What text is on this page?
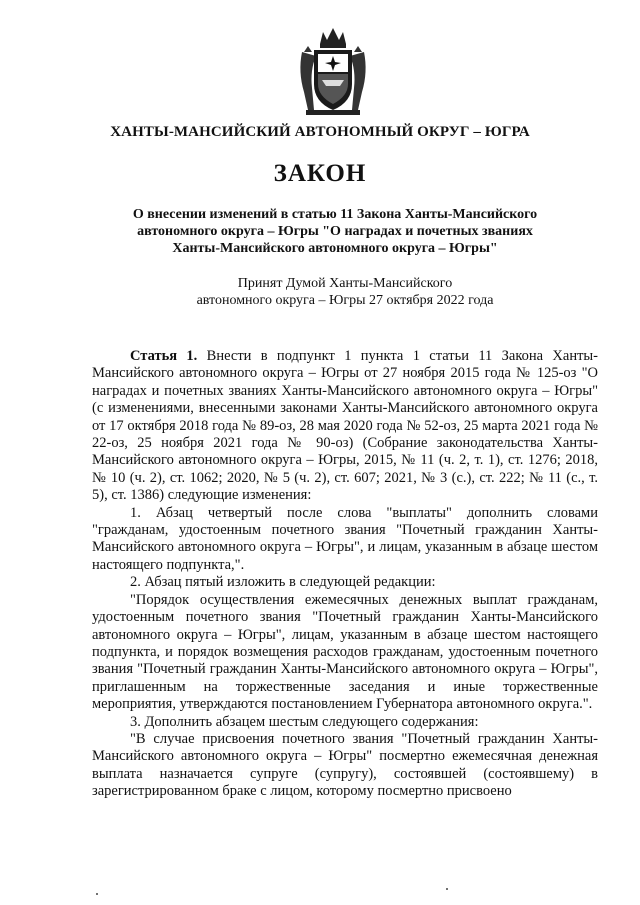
ХАНТЫ-МАНСИЙСКИЙ АВТОНОМНЫЙ ОКРУГ – ЮГРА
ЗАКОН
О внесении изменений в статью 11 Закона Ханты-Мансийского
автономного округа – Югры "О наградах и почетных званиях
Ханты-Мансийского автономного округа – Югры"
Принят Думой Ханты-Мансийского
автономного округа – Югры 27 октября 2022 года

Статья 1. Внести в подпункт 1 пункта 1 статьи 11 Закона Ханты-Мансийского автономного округа – Югры от 27 ноября 2015 года № 125-оз "О наградах и почетных званиях Ханты-Мансийского автономного округа – Югры" (с изменениями, внесенными законами Ханты-Мансийского автономного округа от 17 октября 2018 года № 89-оз, 28 мая 2020 года № 52-оз, 25 марта 2021 года № 22-оз, 25 ноября 2021 года № 90-оз) (Собрание законодательства Ханты-Мансийского автономного округа – Югры, 2015, № 11 (ч. 2, т. 1), ст. 1276; 2018, № 10 (ч. 2), ст. 1062; 2020, № 5 (ч. 2), ст. 607; 2021, № 3 (с.), ст. 222; № 11 (с., т. 5), ст. 1386) следующие изменения:

1. Абзац четвертый после слова "выплаты" дополнить словами "гражданам, удостоенным почетного звания "Почетный гражданин Ханты-Мансийского автономного округа – Югры", и лицам, указанным в абзаце шестом настоящего подпункта,".

2. Абзац пятый изложить в следующей редакции:

"Порядок осуществления ежемесячных денежных выплат гражданам, удостоенным почетного звания "Почетный гражданин Ханты-Мансийского автономного округа – Югры", лицам, указанным в абзаце шестом настоящего подпункта, и порядок возмещения расходов гражданам, удостоенным почетного звания "Почетный гражданин Ханты-Мансийского автономного округа – Югры", приглашенным на торжественные заседания и иные торжественные мероприятия, утверждаются постановлением Губернатора автономного округа.".

3. Дополнить абзацем шестым следующего содержания:

"В случае присвоения почетного звания "Почетный гражданин Ханты-Мансийского автономного округа – Югры" посмертно ежемесячная денежная выплата назначается супруге (супругу), состоявшей (состоявшему) в зарегистрированном браке с лицом, которому посмертно присвоено
